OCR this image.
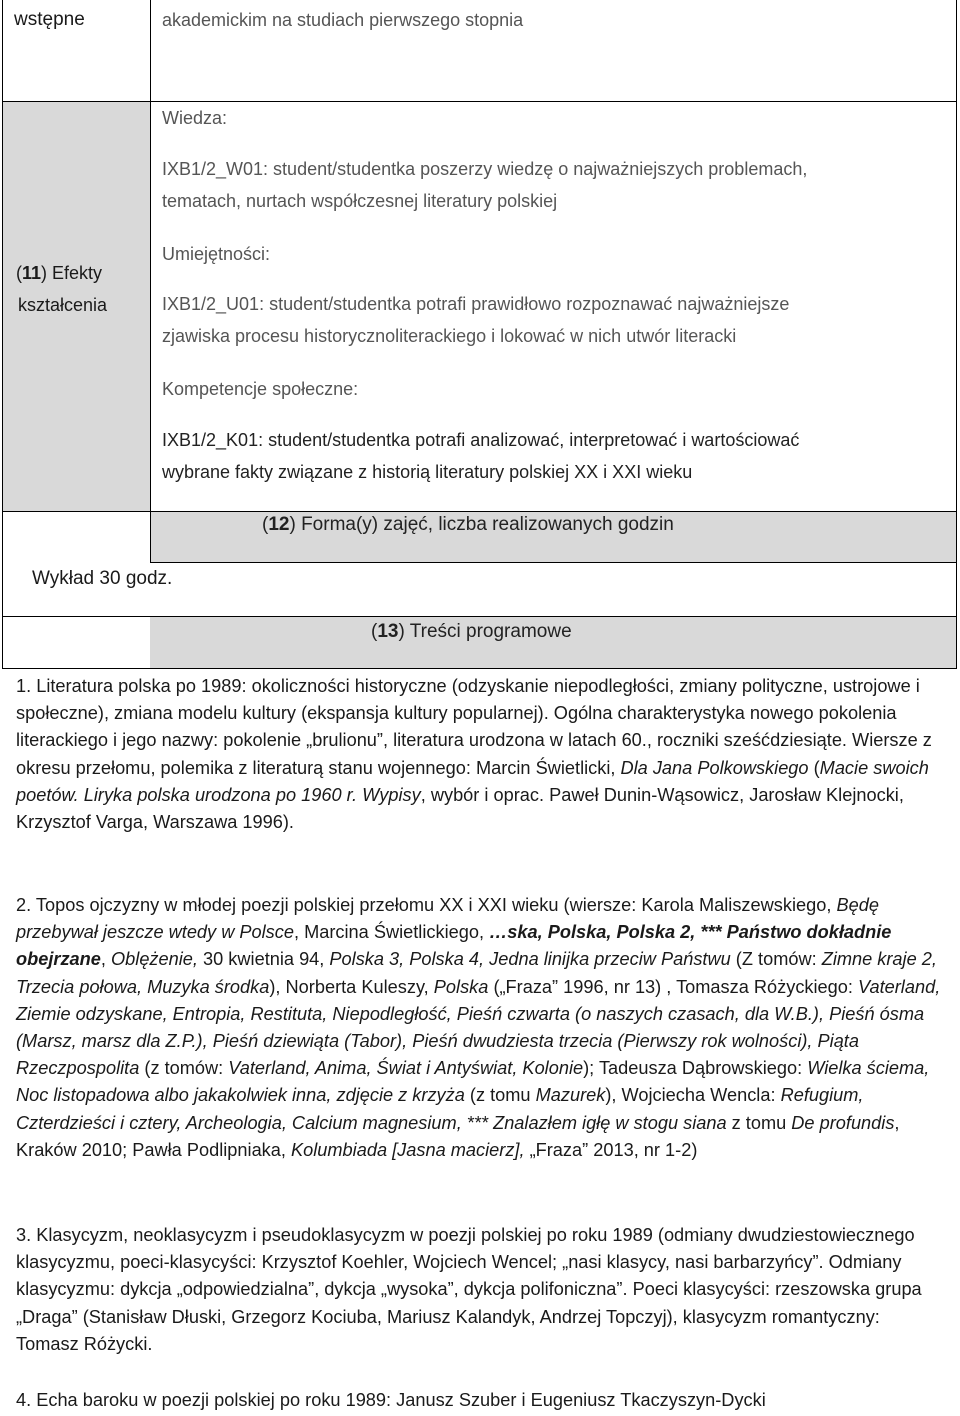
wstępne	akademickim na studiach pierwszego stopnia
(11) Efekty
kształcenia
Wiedza:
IXB1/2_W01: student/studentka poszerzy wiedzę o najważniejszych problemach,
tematach, nurtach współczesnej literatury polskiej
Umiejętności:
IXB1/2_U01: student/studentka potrafi prawidłowo rozpoznawać najważniejsze
zjawiska procesu historycznoliterackiego i lokować w nich utwór literacki
Kompetencje społeczne:
IXB1/2_K01: student/studentka potrafi analizować, interpretować i wartościować
wybrane fakty związane z historią literatury polskiej XX i XXI wieku
(12) Forma(y) zajęć, liczba realizowanych godzin
Wykład 30 godz.
(13) Treści programowe
1. Literatura polska po 1989: okoliczności historyczne (odzyskanie niepodległości, zmiany polityczne, ustrojowe i społeczne), zmiana modelu kultury (ekspansja kultury popularnej). Ogólna charakterystyka nowego pokolenia literackiego i jego nazwy: pokolenie „brulionu”, literatura urodzona w latach 60., roczniki sześćdziesiąte. Wiersze z okresu przełomu, polemika z literaturą stanu wojennego: Marcin Świetlicki, Dla Jana Polkowskiego (Macie swoich poetów. Liryka polska urodzona po 1960 r. Wypisy, wybór i oprac. Paweł Dunin-Wąsowicz, Jarosław Klejnocki, Krzysztof Varga, Warszawa 1996).
2. Topos ojczyzny w młodej poezji polskiej przełomu XX i XXI wieku (wiersze: Karola Maliszewskiego, Będę przebywał jeszcze wtedy w Polsce, Marcina Świetlickiego, …ska, Polska, Polska 2, *** Państwo dokładnie obejrzane, Oblężenie, 30 kwietnia 94, Polska 3, Polska 4, Jedna linijka przeciw Państwu (Z tomów: Zimne kraje 2, Trzecia połowa, Muzyka środka), Norberta Kuleszy, Polska („Fraza” 1996, nr 13) , Tomasza Różyckiego: Vaterland, Ziemie odzyskane, Entropia, Restituta, Niepodległość, Pieśń czwarta (o naszych czasach, dla W.B.), Pieśń ósma (Marsz, marsz dla Z.P.), Pieśń dziewiąta (Tabor), Pieśń dwudziesta trzecia (Pierwszy rok wolności), Piąta Rzeczpospolita (z tomów: Vaterland, Anima, Świat i Antyświat, Kolonie); Tadeusza Dąbrowskiego: Wielka ściema, Noc listopadowa albo jakakolwiek inna, zdjęcie z krzyża (z tomu Mazurek), Wojciecha Wencla: Refugium, Czterdzieści i cztery, Archeologia, Calcium magnesium, *** Znalazłem igłę w stogu siana z tomu De profundis, Kraków 2010; Pawła Podlipniaka, Kolumbiada [Jasna macierz], „Fraza” 2013, nr 1-2)
3. Klasycyzm, neoklasycyzm i pseudoklasycyzm w poezji polskiej po roku 1989 (odmiany dwudziestowiecznego klasycyzmu, poeci-klasycyści: Krzysztof Koehler, Wojciech Wencel; „nasi klasycy, nasi barbarzyńcy”. Odmiany klasycyzmu: dykcja „odpowiedzialna”, dykcja „wysoka”, dykcja polifoniczna”. Poeci klasycyści: rzeszowska grupa „Draga” (Stanisław Dłuski, Grzegorz Kociuba, Mariusz Kalandyk, Andrzej Topczyj), klasycyzm romantyczny: Tomasz Różycki.
4. Echa baroku w poezji polskiej po roku 1989: Janusz Szuber i Eugeniusz Tkaczyszyn-Dycki
